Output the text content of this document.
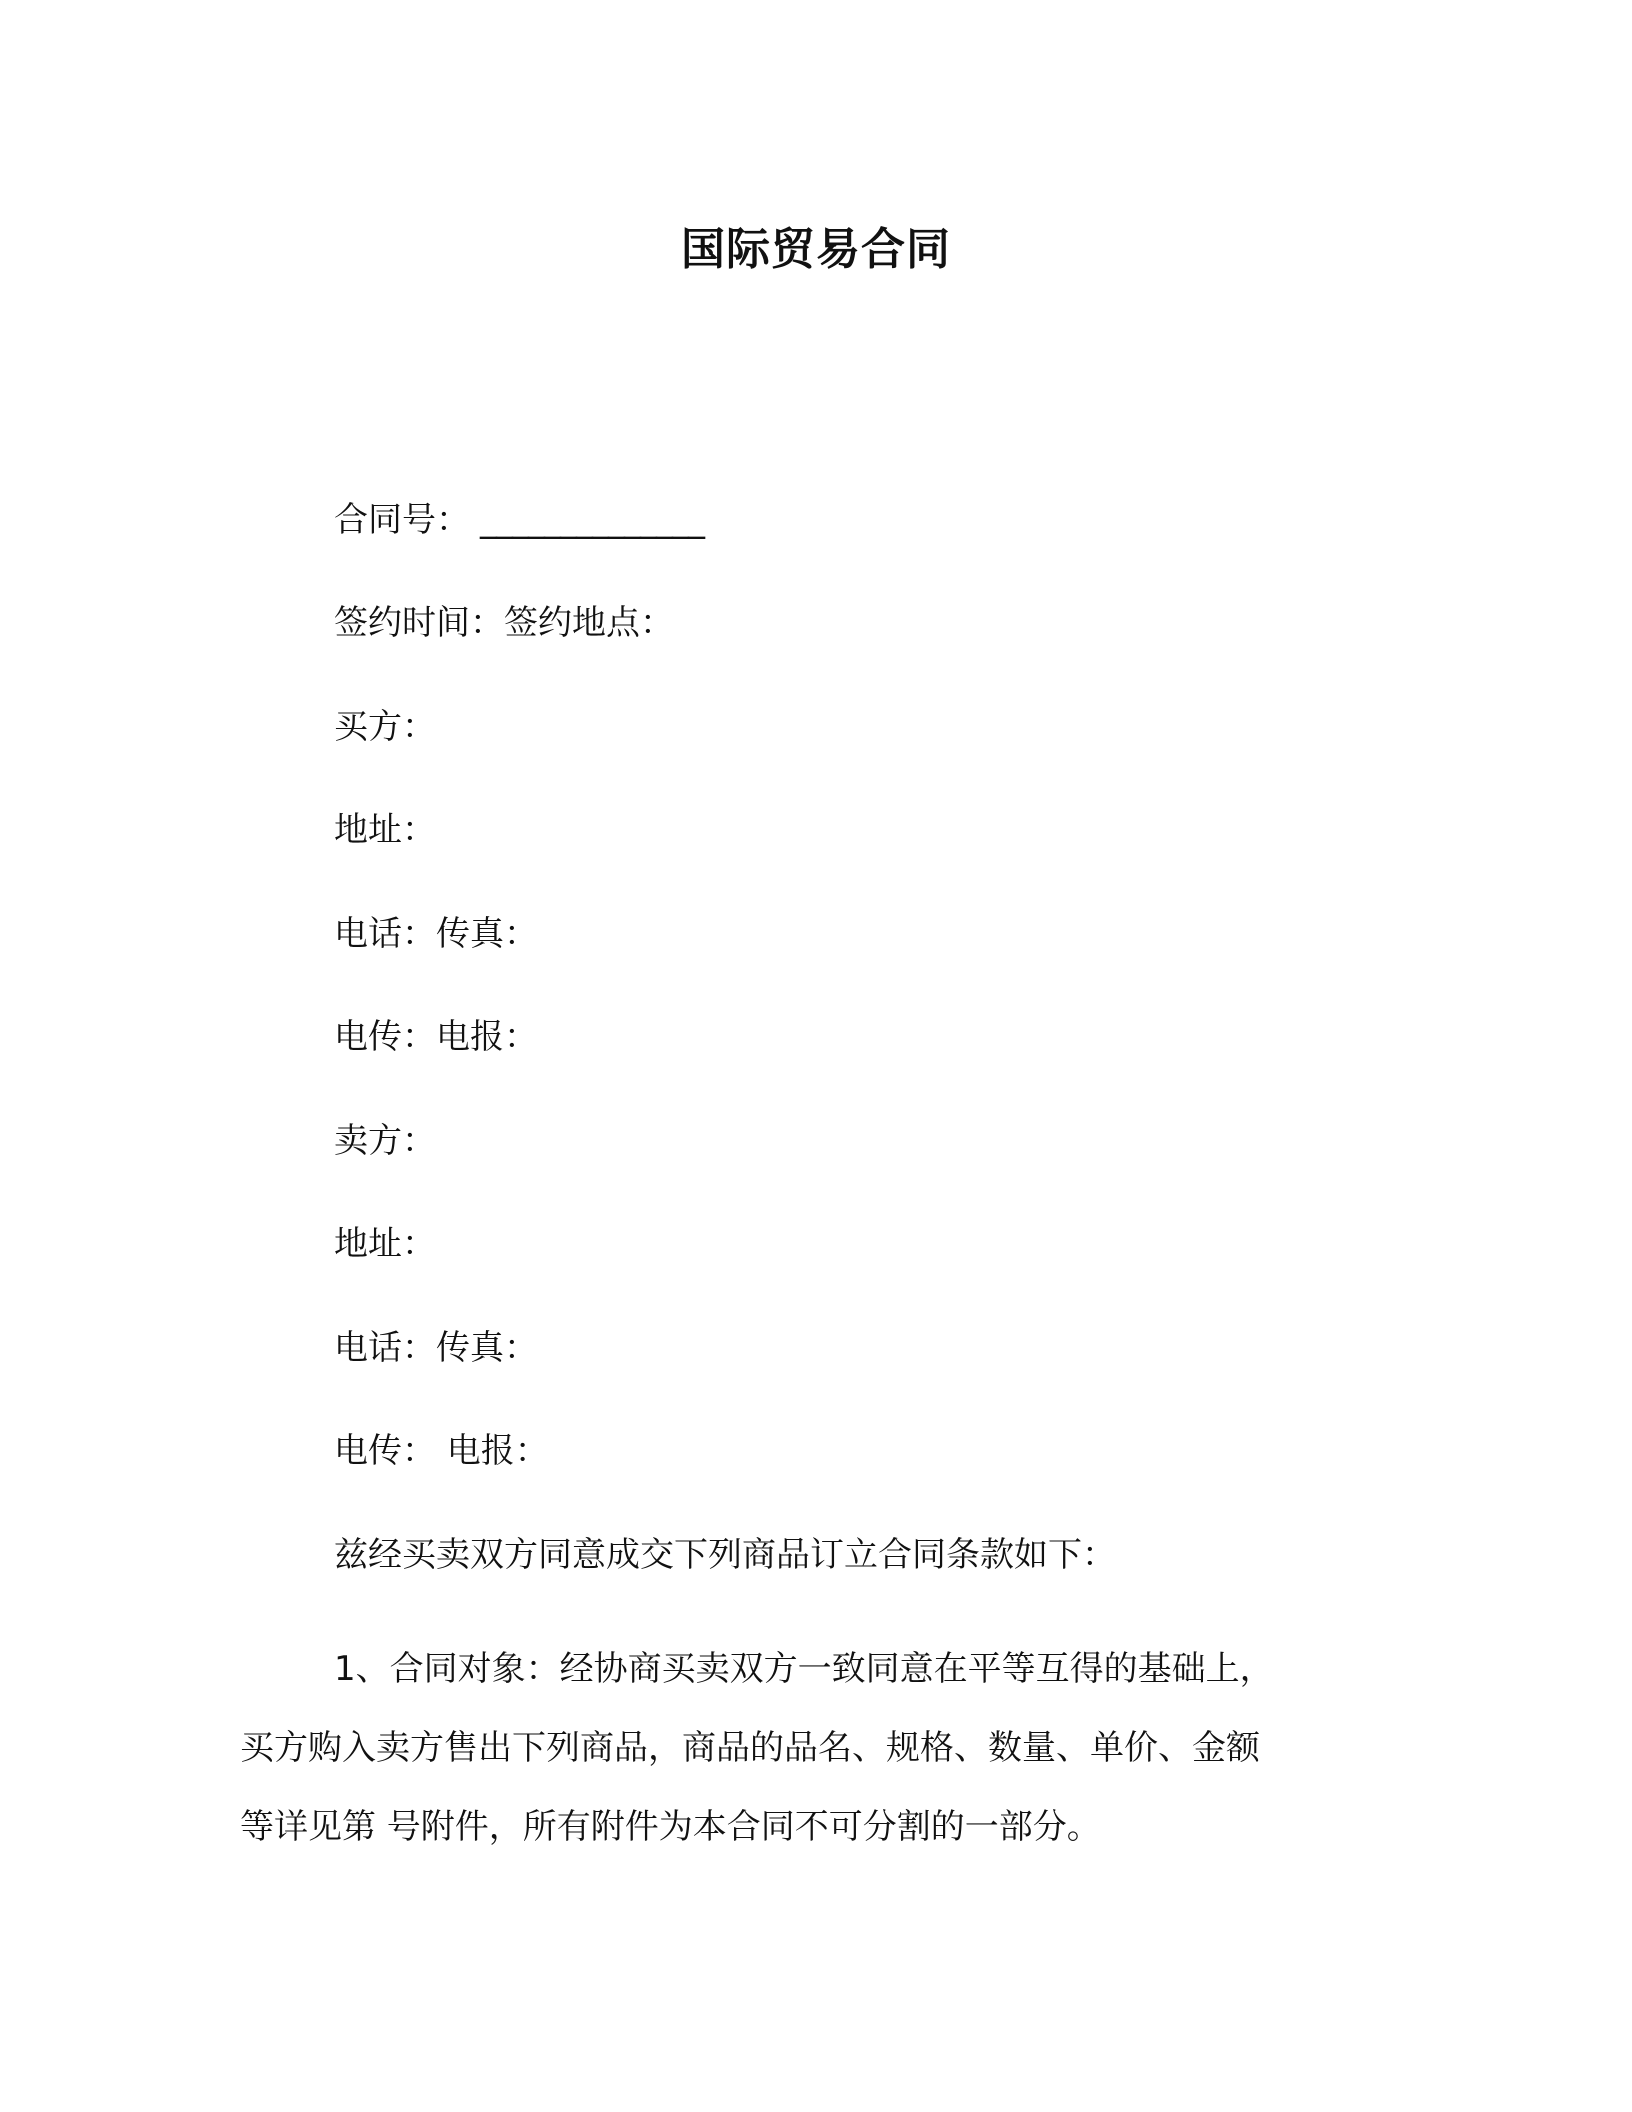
国际贸易合同
合同号： ______________
签约时间：签约地点：
买方：
地址：
电话：传真：
电传：电报：
卖方：
地址：
电话：传真：
电传： 电报：
兹经买卖双方同意成交下列商品订立合同条款如下：
1、合同对象：经协商买卖双方一致同意在平等互得的基础上，
买方购入卖方售出下列商品，商品的品名、规格、数量、单价、金额
等详见第 号附件，所有附件为本合同不可分割的一部分。
